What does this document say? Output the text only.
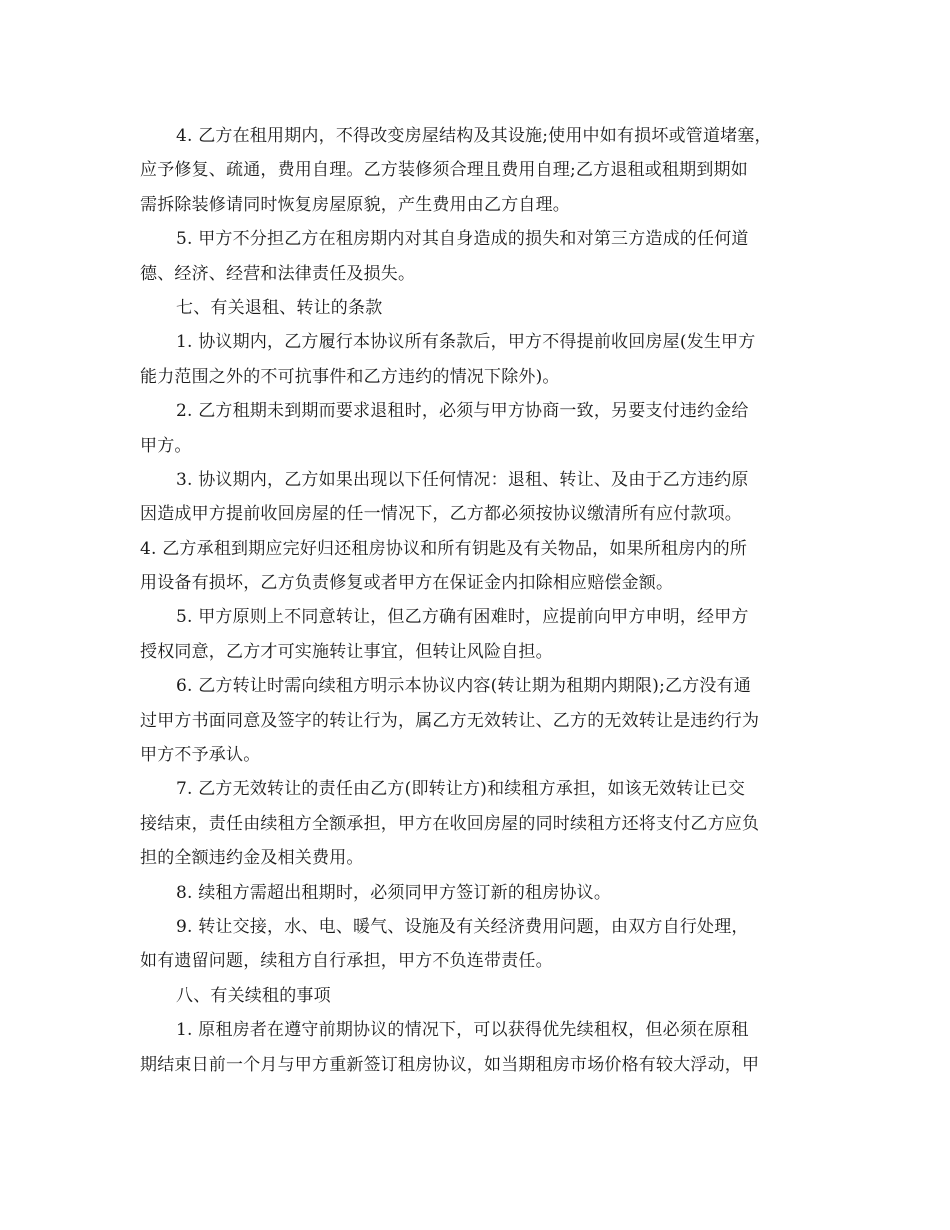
4. 乙方在租用期内，不得改变房屋结构及其设施;使用中如有损坏或管道堵塞，
应予修复、疏通，费用自理。乙方装修须合理且费用自理;乙方退租或租期到期如
需拆除装修请同时恢复房屋原貌，产生费用由乙方自理。
5. 甲方不分担乙方在租房期内对其自身造成的损失和对第三方造成的任何道
德、经济、经营和法律责任及损失。
七、有关退租、转让的条款
1. 协议期内，乙方履行本协议所有条款后，甲方不得提前收回房屋(发生甲方
能力范围之外的不可抗事件和乙方违约的情况下除外)。
2. 乙方租期未到期而要求退租时，必须与甲方协商一致，另要支付违约金给
甲方。
3. 协议期内，乙方如果出现以下任何情况：退租、转让、及由于乙方违约原
因造成甲方提前收回房屋的任一情况下，乙方都必须按协议缴清所有应付款项。
4. 乙方承租到期应完好归还租房协议和所有钥匙及有关物品，如果所租房内的所
用设备有损坏，乙方负责修复或者甲方在保证金内扣除相应赔偿金额。
5. 甲方原则上不同意转让，但乙方确有困难时，应提前向甲方申明，经甲方
授权同意，乙方才可实施转让事宜，但转让风险自担。
6. 乙方转让时需向续租方明示本协议内容(转让期为租期内期限);乙方没有通
过甲方书面同意及签字的转让行为，属乙方无效转让、乙方的无效转让是违约行为
甲方不予承认。
7. 乙方无效转让的责任由乙方(即转让方)和续租方承担，如该无效转让已交
接结束，责任由续租方全额承担，甲方在收回房屋的同时续租方还将支付乙方应负
担的全额违约金及相关费用。
8. 续租方需超出租期时，必须同甲方签订新的租房协议。
9. 转让交接，水、电、暖气、设施及有关经济费用问题，由双方自行处理，
如有遗留问题，续租方自行承担，甲方不负连带责任。
八、有关续租的事项
1. 原租房者在遵守前期协议的情况下，可以获得优先续租权，但必须在原租
期结束日前一个月与甲方重新签订租房协议，如当期租房市场价格有较大浮动，甲
